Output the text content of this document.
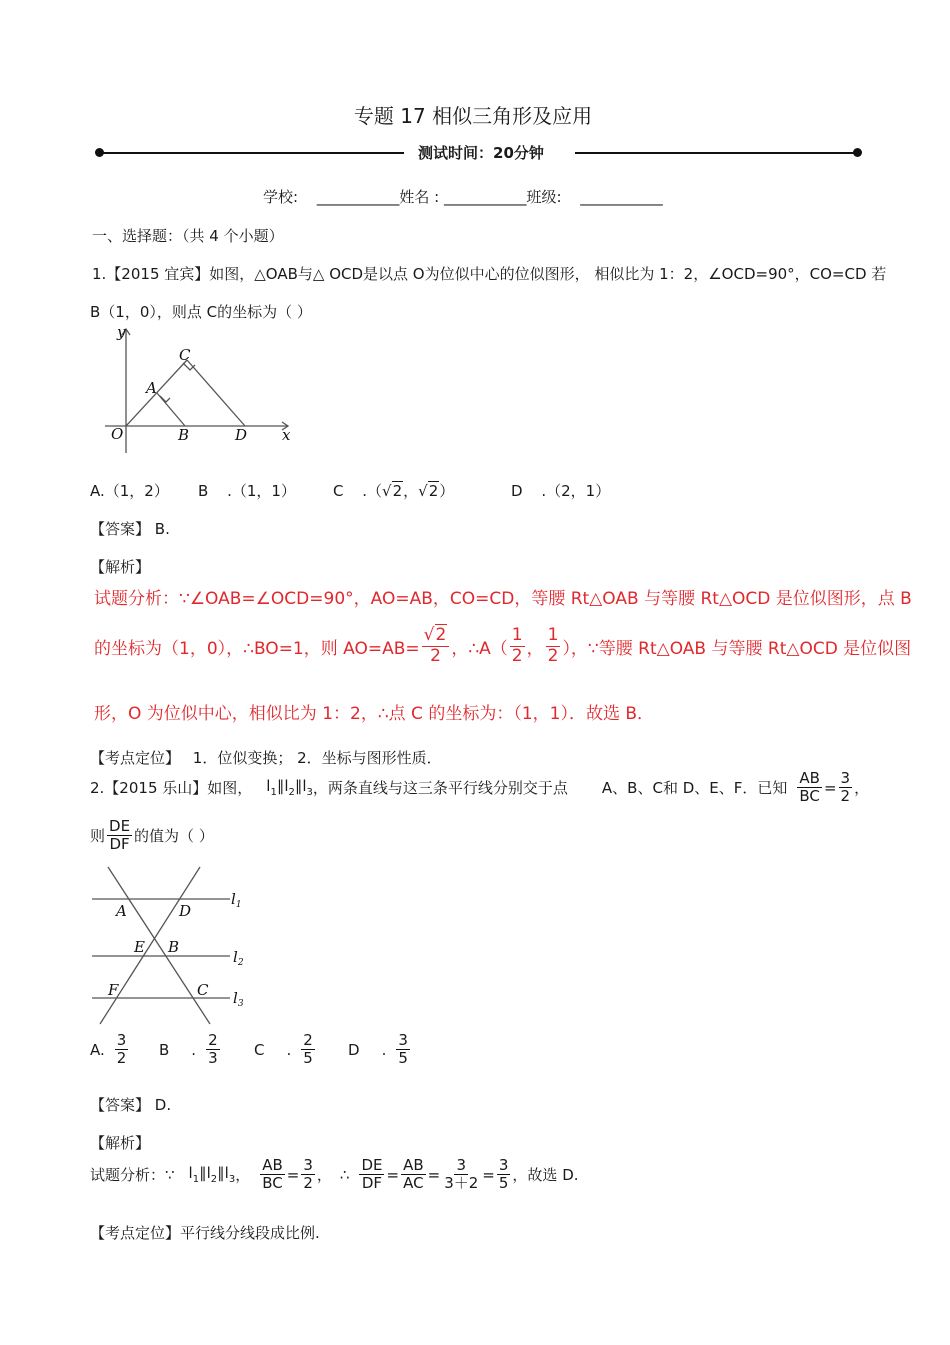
专题 17 相似三角形及应用
测试时间：20分钟
学校: ___________姓名 : ___________班级: ___________
一、选择题：（共 4 个小题）
1.【2015 宜宾】如图，△OAB与△ OCD是以点 O为位似中心的位似图形， 相似比为 1：2，∠OCD=90°，CO=CD 若
B（1，0），则点 C的坐标为（ ）
y
x
O
A
C
B	D
A.（1，2） B .（1，1） C .（√2，√2）	D .（2，1）
【答案】 B.
【解析】
试题分析：∵∠OAB=∠OCD=90°，AO=AB，CO=CD，等腰 Rt△OAB 与等腰 Rt△OCD 是位似图形，点 B
的坐标为（1，0），∴BO=1，则 $AO=AB= \frac{√2}{2}$ ，∴A（ $\frac{1}{2}$ ， $\frac{1}{2}$ ），∵等腰 Rt△OAB 与等腰 Rt△OCD 是位似图
形，O 为位似中心，相似比为 1：2，∴点 C 的坐标为：（1，1）．故选 B．
【考点定位】 1．位似变换； 2．坐标与图形性质．
2.【2015 乐山】如图， $l_1\parallel l_2\parallel l_3$ ，两条直线与这三条平行线分别交于点 A、B、C和 D、E、F．已知 $\frac{AB}{BC} = \frac{3}{2}$ ，
则 $\frac{DE}{DF}$ 的值为（ ）
A	D
E B
F	C
$l_1$
$l_2$
$l_3$
A. $\frac{3}{2}$ B . $\frac{2}{3}$ C . $\frac{2}{5}$ D . $\frac{3}{5}$
【答案】 D.
【解析】
试题分析：∵ $l_1\parallel l_2\parallel l_3$ ， $\frac{AB}{BC} = \frac{3}{2}$ ， ∴ $\frac{DE}{DF} = \frac{AB}{AC} = \frac{3}{3+2} = \frac{3}{5}$ ，故选 D.
【考点定位】平行线分线段成比例.
